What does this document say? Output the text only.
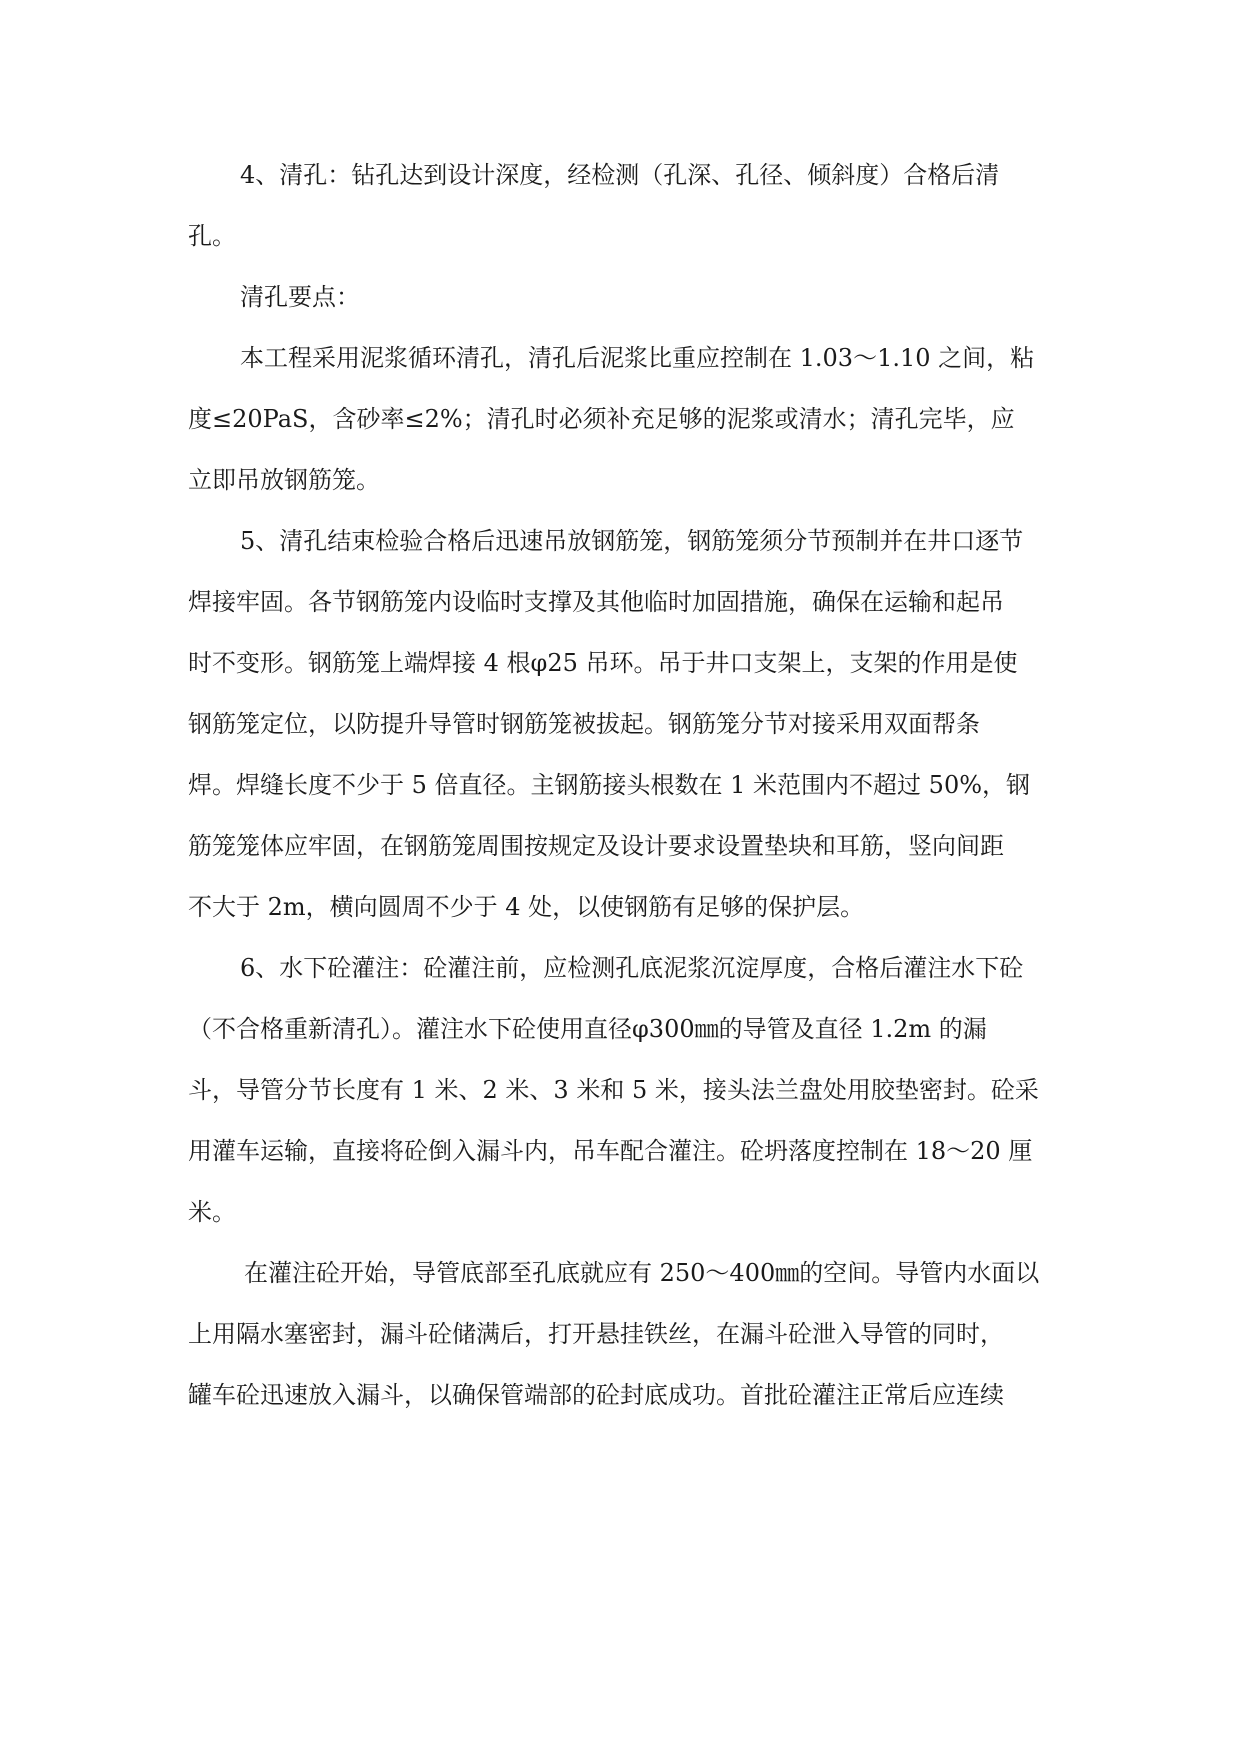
4、清孔：钻孔达到设计深度，经检测（孔深、孔径、倾斜度）合格后清
孔。
清孔要点：
本工程采用泥浆循环清孔，清孔后泥浆比重应控制在 1.03～1.10 之间，粘
度≤20PaS，含砂率≤2%；清孔时必须补充足够的泥浆或清水；清孔完毕，应
立即吊放钢筋笼。
5、清孔结束检验合格后迅速吊放钢筋笼，钢筋笼须分节预制并在井口逐节
焊接牢固。各节钢筋笼内设临时支撑及其他临时加固措施，确保在运输和起吊
时不变形。钢筋笼上端焊接 4 根φ25 吊环。吊于井口支架上，支架的作用是使
钢筋笼定位，以防提升导管时钢筋笼被拔起。钢筋笼分节对接采用双面帮条
焊。焊缝长度不少于 5 倍直径。主钢筋接头根数在 1 米范围内不超过 50%，钢
筋笼笼体应牢固，在钢筋笼周围按规定及设计要求设置垫块和耳筋，竖向间距
不大于 2m，横向圆周不少于 4 处，以使钢筋有足够的保护层。
6、水下砼灌注：砼灌注前，应检测孔底泥浆沉淀厚度，合格后灌注水下砼
（不合格重新清孔）。灌注水下砼使用直径φ300㎜的导管及直径 1.2m 的漏
斗，导管分节长度有 1 米、2 米、3 米和 5 米，接头法兰盘处用胶垫密封。砼采
用灌车运输，直接将砼倒入漏斗内，吊车配合灌注。砼坍落度控制在 18～20 厘
米。
在灌注砼开始，导管底部至孔底就应有 250～400㎜的空间。导管内水面以
上用隔水塞密封，漏斗砼储满后，打开悬挂铁丝，在漏斗砼泄入导管的同时，
罐车砼迅速放入漏斗，以确保管端部的砼封底成功。首批砼灌注正常后应连续
